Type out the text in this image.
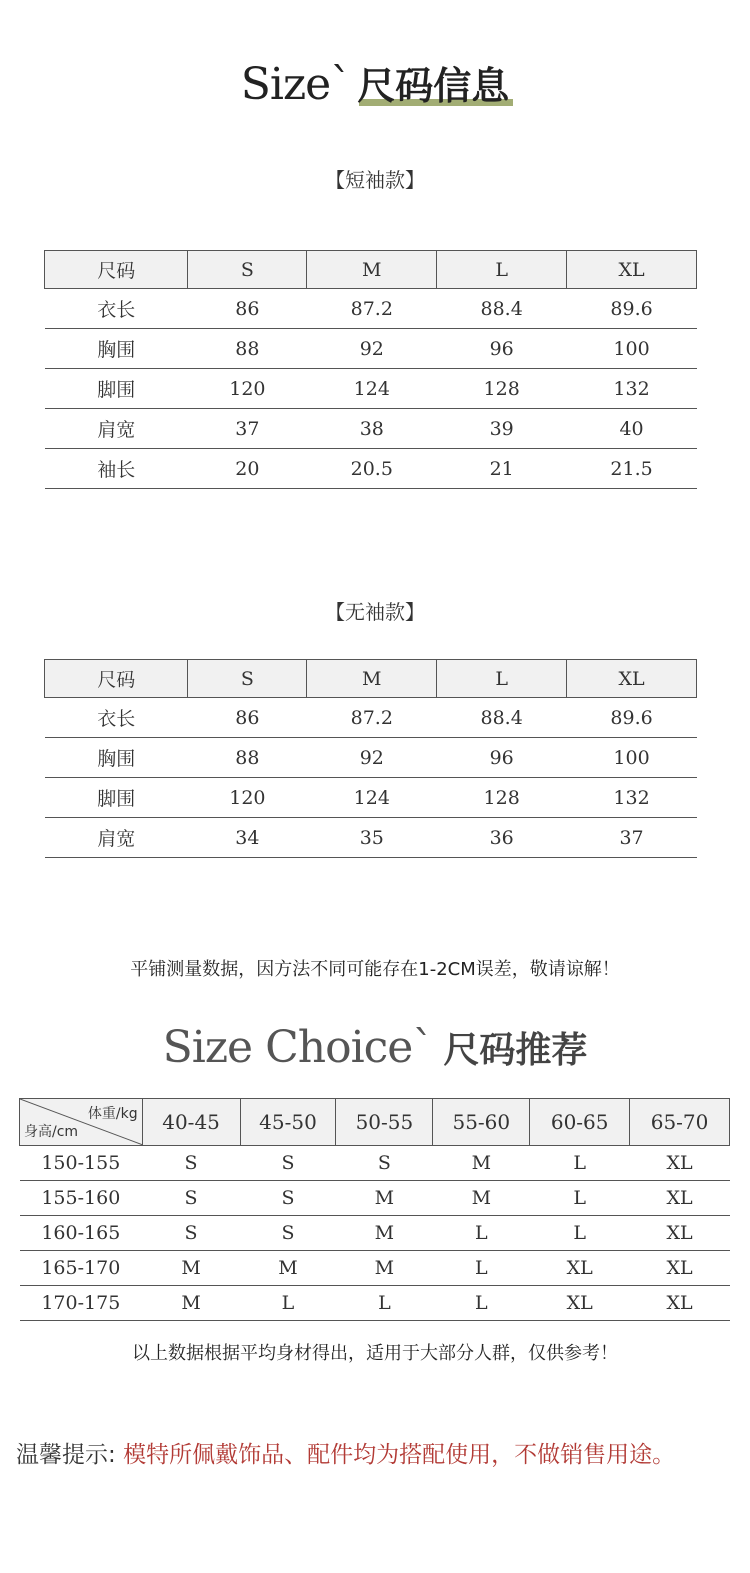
Size` 尺码信息
【短袖款】
尺码	S	M	L	XL
衣长	86	87.2	88.4	89.6
胸围	88	92	96	100
脚围	120	124	128	132
肩宽	37	38	39	40
袖长	20	20.5	21	21.5
【无袖款】
尺码	S	M	L	XL
衣长	86	87.2	88.4	89.6
胸围	88	92	96	100
脚围	120	124	128	132
肩宽	34	35	36	37
平铺测量数据，因方法不同可能存在1-2CM误差，敬请谅解！
Size Choice` 尺码推荐
体重/kg
身高/cm	40-45	45-50	50-55	55-60	60-65	65-70
150-155	S	S	S	M	L	XL
155-160	S	S	M	M	L	XL
160-165	S	S	M	L	L	XL
165-170	M	M	M	L	XL	XL
170-175	M	L	L	L	XL	XL
以上数据根据平均身材得出，适用于大部分人群，仅供参考！
温馨提示: 模特所佩戴饰品、配件均为搭配使用，不做销售用途。
